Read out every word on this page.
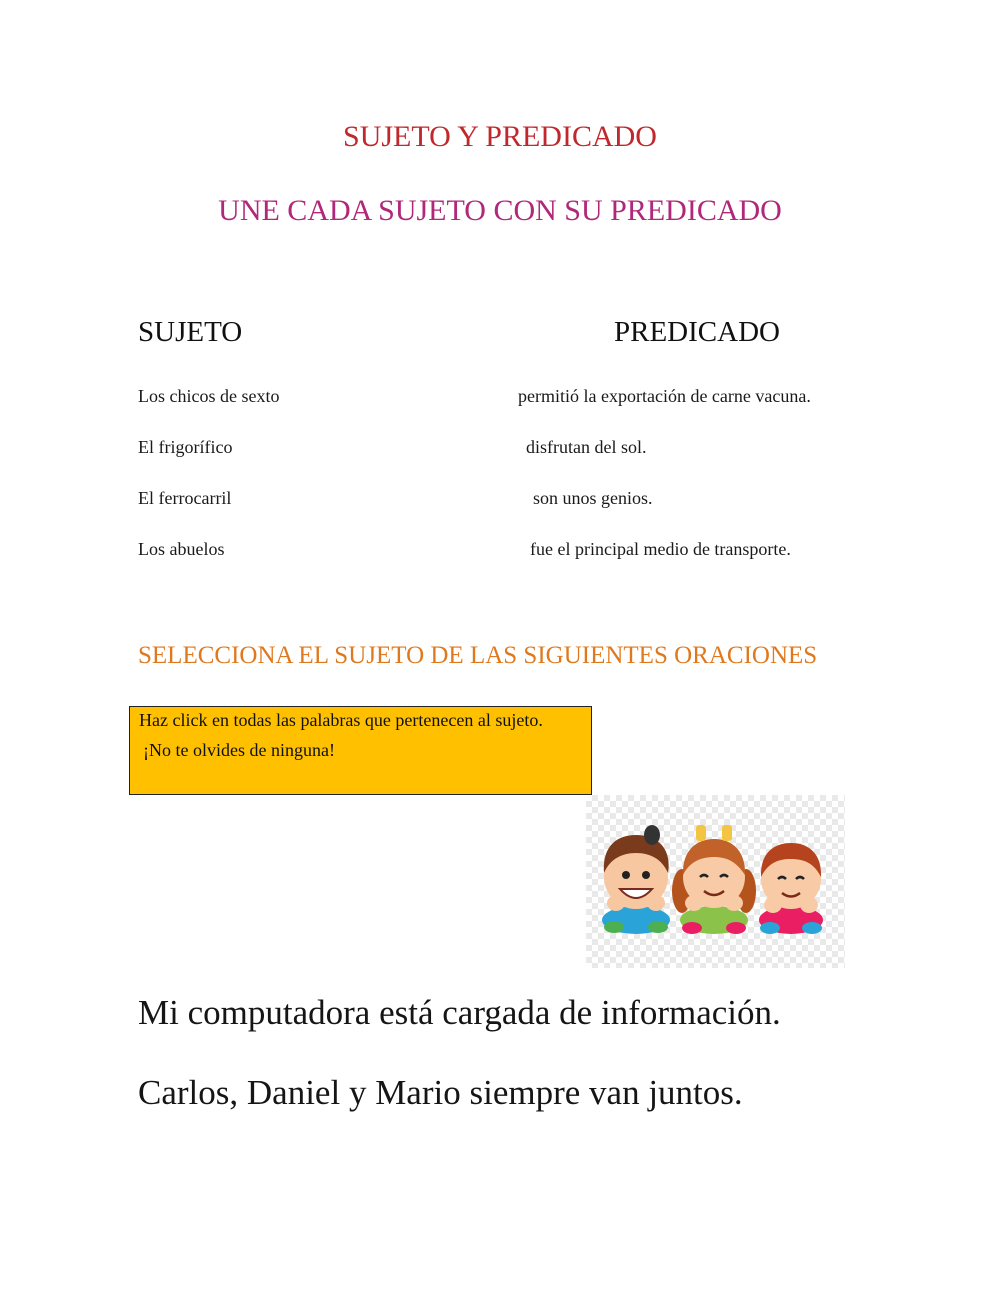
SUJETO Y PREDICADO
UNE CADA SUJETO CON SU PREDICADO
SUJETO	PREDICADO
Los chicos de sexto
El frigorífico
El ferrocarril
Los abuelos
permitió la exportación de carne vacuna.
disfrutan del sol.
son unos genios.
fue el principal medio de transporte.
SELECCIONA EL SUJETO DE LAS SIGUIENTES ORACIONES
Haz click en todas las palabras que pertenecen al sujeto.
¡No te olvides de ninguna!
Mi computadora está cargada de información.
Carlos, Daniel y Mario siempre van juntos.
